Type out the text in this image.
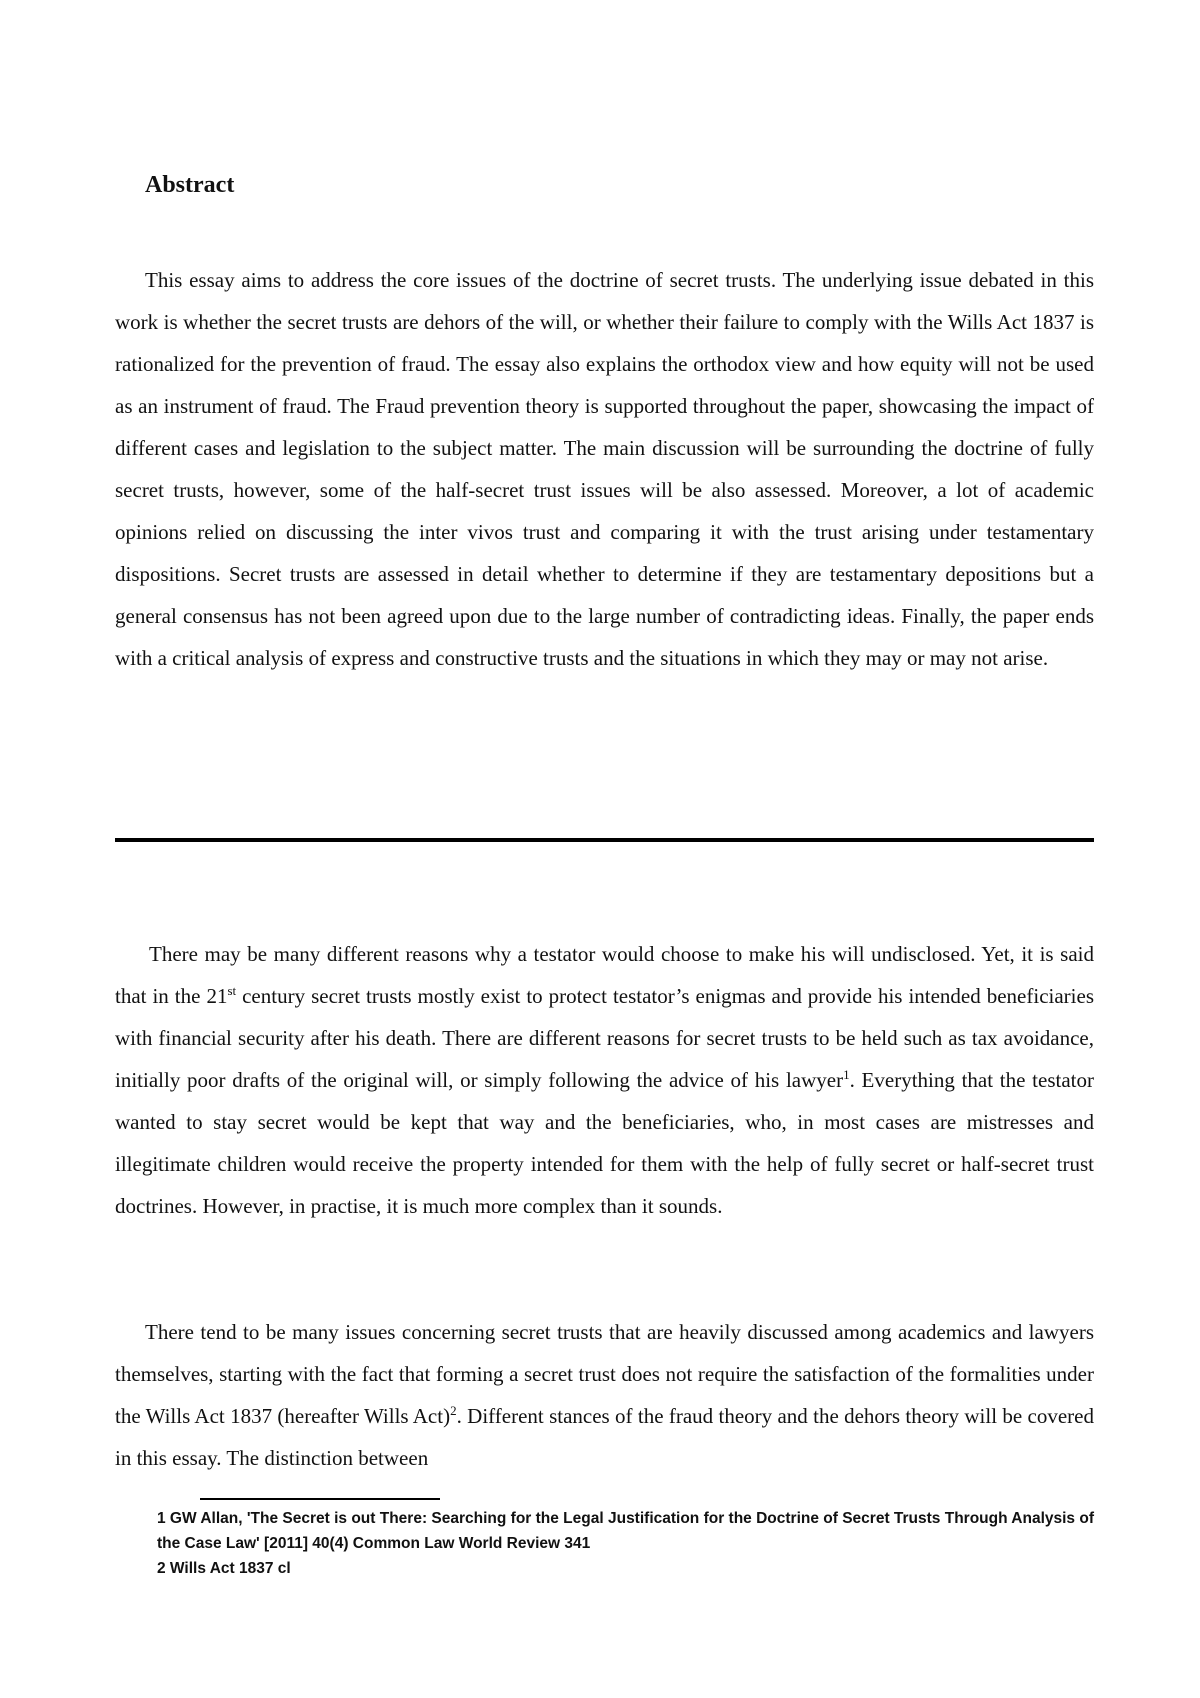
Abstract

This essay aims to address the core issues of the doctrine of secret trusts. The underlying issue debated in this work is whether the secret trusts are dehors of the will, or whether their failure to comply with the Wills Act 1837 is rationalized for the prevention of fraud. The essay also explains the orthodox view and how equity will not be used as an instrument of fraud. The Fraud prevention theory is supported throughout the paper, showcasing the impact of different cases and legislation to the subject matter. The main discussion will be surrounding the doctrine of fully secret trusts, however, some of the half-secret trust issues will be also assessed. Moreover, a lot of academic opinions relied on discussing the inter vivos trust and comparing it with the trust arising under testamentary dispositions. Secret trusts are assessed in detail whether to determine if they are testamentary depositions but a general consensus has not been agreed upon due to the large number of contradicting ideas. Finally, the paper ends with a critical analysis of express and constructive trusts and the situations in which they may or may not arise.

There may be many different reasons why a testator would choose to make his will undisclosed. Yet, it is said that in the 21st century secret trusts mostly exist to protect testator’s enigmas and provide his intended beneficiaries with financial security after his death. There are different reasons for secret trusts to be held such as tax avoidance, initially poor drafts of the original will, or simply following the advice of his lawyer$^1$. Everything that the testator wanted to stay secret would be kept that way and the beneficiaries, who, in most cases are mistresses and illegitimate children would receive the property intended for them with the help of fully secret or half-secret trust doctrines. However, in practise, it is much more complex than it sounds.

There tend to be many issues concerning secret trusts that are heavily discussed among academics and lawyers themselves, starting with the fact that forming a secret trust does not require the satisfaction of the formalities under the Wills Act 1837 (hereafter Wills Act)$^2$. Different stances of the fraud theory and the dehors theory will be covered in this essay. The distinction between

1 GW Allan, 'The Secret is out There: Searching for the Legal Justification for the Doctrine of Secret Trusts Through Analysis of the Case Law' [2011] 40(4) Common Law World Review 341

2 Wills Act 1837 cl
